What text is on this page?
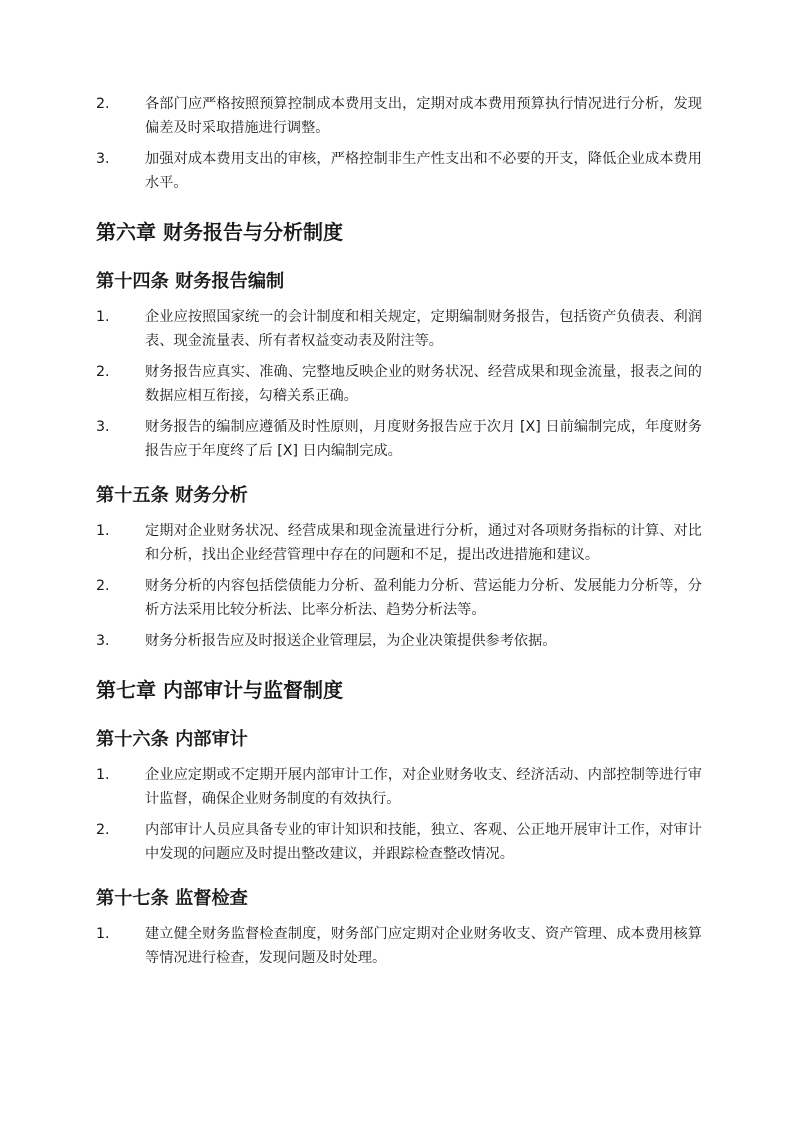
2.	各部门应严格按照预算控制成本费用支出，定期对成本费用预算执行情况进行分析，发现偏差及时采取措施进行调整。
3.	加强对成本费用支出的审核，严格控制非生产性支出和不必要的开支，降低企业成本费用水平。
第六章 财务报告与分析制度
第十四条 财务报告编制
1.	企业应按照国家统一的会计制度和相关规定，定期编制财务报告，包括资产负债表、利润表、现金流量表、所有者权益变动表及附注等。
2.	财务报告应真实、准确、完整地反映企业的财务状况、经营成果和现金流量，报表之间的数据应相互衔接，勾稽关系正确。
3.	财务报告的编制应遵循及时性原则，月度财务报告应于次月 [X] 日前编制完成，年度财务报告应于年度终了后 [X] 日内编制完成。
第十五条 财务分析
1.	定期对企业财务状况、经营成果和现金流量进行分析，通过对各项财务指标的计算、对比和分析，找出企业经营管理中存在的问题和不足，提出改进措施和建议。
2.	财务分析的内容包括偿债能力分析、盈利能力分析、营运能力分析、发展能力分析等，分析方法采用比较分析法、比率分析法、趋势分析法等。
3.	财务分析报告应及时报送企业管理层，为企业决策提供参考依据。
第七章 内部审计与监督制度
第十六条 内部审计
1.	企业应定期或不定期开展内部审计工作，对企业财务收支、经济活动、内部控制等进行审计监督，确保企业财务制度的有效执行。
2.	内部审计人员应具备专业的审计知识和技能，独立、客观、公正地开展审计工作，对审计中发现的问题应及时提出整改建议，并跟踪检查整改情况。
第十七条 监督检查
1.	建立健全财务监督检查制度，财务部门应定期对企业财务收支、资产管理、成本费用核算等情况进行检查，发现问题及时处理。
